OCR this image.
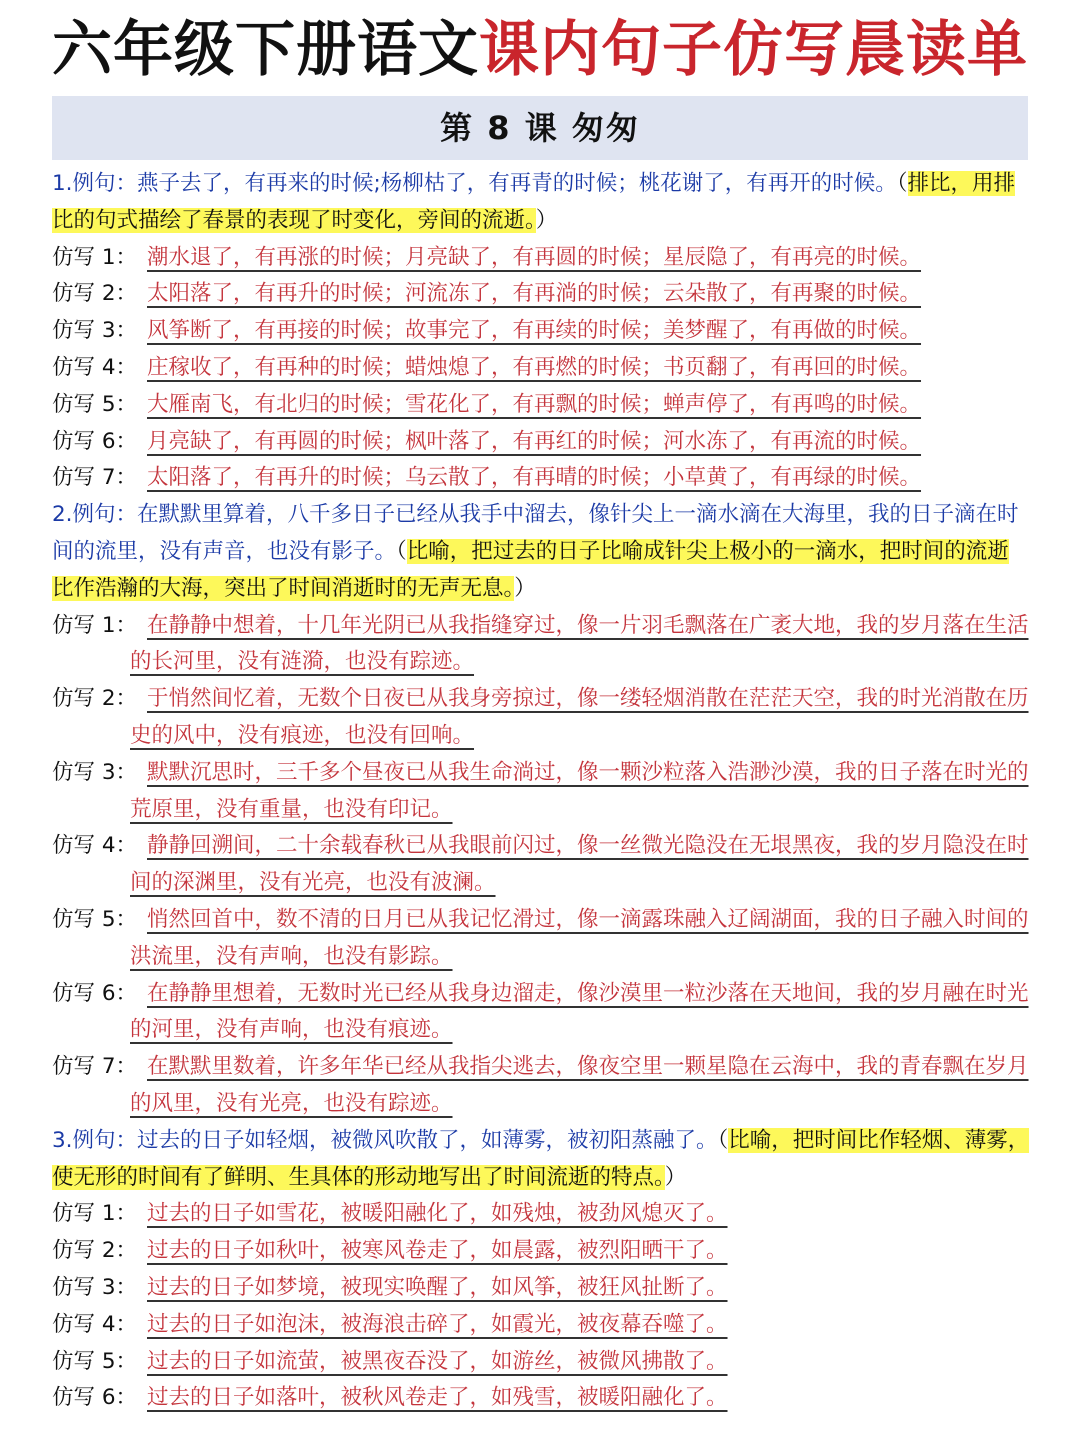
六年级下册语文课内句子仿写晨读单
第 8 课 匆匆
1.例句：燕子去了，有再来的时候;杨柳枯了，有再青的时候；桃花谢了，有再开的时候。（排比，用排比的句式描绘了春景的表现了时变化，旁间的流逝。）
仿写 1： 潮水退了，有再涨的时候；月亮缺了，有再圆的时候；星辰隐了，有再亮的时候。
仿写 2： 太阳落了，有再升的时候；河流冻了，有再淌的时候；云朵散了，有再聚的时候。
仿写 3： 风筝断了，有再接的时候；故事完了，有再续的时候；美梦醒了，有再做的时候。
仿写 4： 庄稼收了，有再种的时候；蜡烛熄了，有再燃的时候；书页翻了，有再回的时候。
仿写 5： 大雁南飞，有北归的时候；雪花化了，有再飘的时候；蝉声停了，有再鸣的时候。
仿写 6： 月亮缺了，有再圆的时候；枫叶落了，有再红的时候；河水冻了，有再流的时候。
仿写 7： 太阳落了，有再升的时候；乌云散了，有再晴的时候；小草黄了，有再绿的时候。
2.例句：在默默里算着，八千多日子已经从我手中溜去，像针尖上一滴水滴在大海里，我的日子滴在时间的流里，没有声音，也没有影子。（比喻，把过去的日子比喻成针尖上极小的一滴水，把时间的流逝比作浩瀚的大海，突出了时间消逝时的无声无息。）
仿写 1： 在静静中想着，十几年光阴已从我指缝穿过，像一片羽毛飘落在广袤大地，我的岁月落在生活的长河里，没有涟漪，也没有踪迹。
仿写 2： 于悄然间忆着，无数个日夜已从我身旁掠过，像一缕轻烟消散在茫茫天空，我的时光消散在历史的风中，没有痕迹，也没有回响。
仿写 3： 默默沉思时，三千多个昼夜已从我生命淌过，像一颗沙粒落入浩渺沙漠，我的日子落在时光的荒原里，没有重量，也没有印记。
仿写 4： 静静回溯间，二十余载春秋已从我眼前闪过，像一丝微光隐没在无垠黑夜，我的岁月隐没在时间的深渊里，没有光亮，也没有波澜。
仿写 5： 悄然回首中，数不清的日月已从我记忆滑过，像一滴露珠融入辽阔湖面，我的日子融入时间的洪流里，没有声响，也没有影踪。
仿写 6： 在静静里想着，无数时光已经从我身边溜走，像沙漠里一粒沙落在天地间，我的岁月融在时光的河里，没有声响，也没有痕迹。
仿写 7： 在默默里数着，许多年华已经从我指尖逃去，像夜空里一颗星隐在云海中，我的青春飘在岁月的风里，没有光亮，也没有踪迹。
3.例句：过去的日子如轻烟，被微风吹散了，如薄雾，被初阳蒸融了。（比喻，把时间比作轻烟、薄雾，使无形的时间有了鲜明、生具体的形动地写出了时间流逝的特点。）
仿写 1： 过去的日子如雪花，被暖阳融化了，如残烛，被劲风熄灭了。
仿写 2： 过去的日子如秋叶，被寒风卷走了，如晨露，被烈阳晒干了。
仿写 3： 过去的日子如梦境，被现实唤醒了，如风筝，被狂风扯断了。
仿写 4： 过去的日子如泡沫，被海浪击碎了，如霞光，被夜幕吞噬了。
仿写 5： 过去的日子如流萤，被黑夜吞没了，如游丝，被微风拂散了。
仿写 6： 过去的日子如落叶，被秋风卷走了，如残雪，被暖阳融化了。
